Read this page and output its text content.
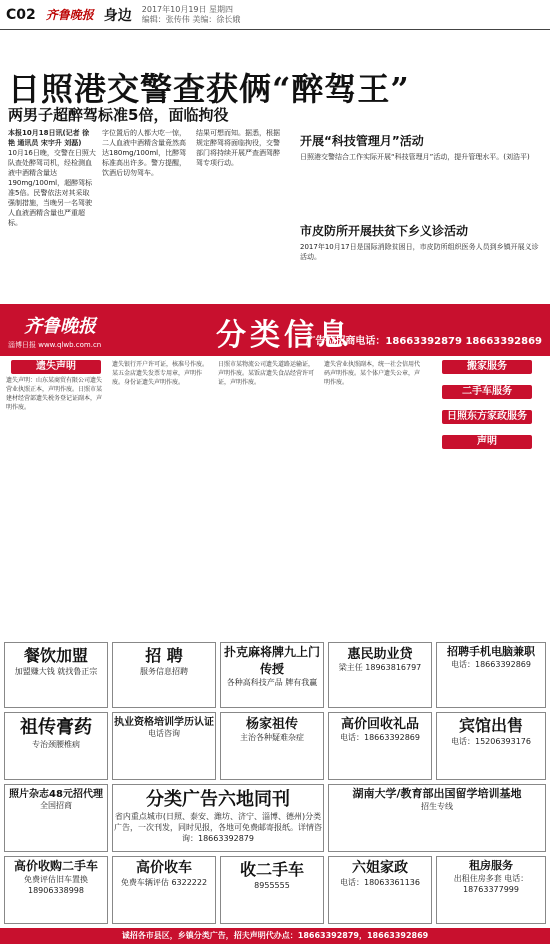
C02 齐鲁晚报 身边 2017年10月19日 星期四
编辑：张传伟 美编：徐长娥
日照港交警查获俩“醉驾王”
两男子超醉驾标准5倍，面临拘役
本报10月18日讯(记者 徐艳 通讯员 宋宇升 刘磊)
10月16日晚，交警在日照大队查处醉驾司机，经检测血液中酒精含量达190mg/100ml，超醉驾标准5倍。民警依法对其采取强制措施，当晚另一名驾驶人血液酒精含量也严重超标。
字位置后的人都大吃一惊，二人血液中酒精含量竟然高达180mg/100ml，比醉驾标准高出许多。警方提醒，饮酒后切勿驾车。
结果可想而知。据悉，根据规定醉驾将面临拘役，交警部门将持续开展严查酒驾醉驾专项行动。
开展“科技管理月”活动
日照港交警结合工作实际开展“科技管理月”活动，提升管理水平。(刘浩平)
市皮防所开展扶贫下乡义诊活动
2017年10月17日是国际消除贫困日，市皮防所组织医务人员到乡镇开展义诊活动。
齐鲁晚报
淄博日报 www.qlwb.com.cn	分类信息
广告位招商电话：18663392879 18663392869
遗失声明
遗失声明：山东某商贸有限公司遗失营业执照正本，声明作废。日照市某建材经营部遗失税务登记证副本，声明作废。
遗失银行开户许可证，核准号作废。某五金店遗失发票专用章，声明作废。身份证遗失声明作废。
日照市某物流公司遗失道路运输证，声明作废。某饭店遗失食品经营许可证，声明作废。
遗失营业执照副本，统一社会信用代码声明作废。某个体户遗失公章，声明作废。
搬家服务

二手车服务

日照东方家政服务

声明
餐饮加盟
加盟赚大钱 就找鲁正宗
招 聘
服务信息招聘
扑克麻将牌九上门传授
各种高科技产品 牌有我赢
惠民助业贷
梁主任 18963816797
招聘手机电脑兼职
电话：18663392869
祖传膏药
专治颈腰椎病
执业资格培训学历认证
电话咨询
杨家祖传
主治各种疑难杂症
高价回收礼品
电话：18663392869
宾馆出售
电话：15206393176
照片杂志48元招代理
全国招商	分类广告六地同刊
省内重点城市(日照、泰安、潍坊、济宁、淄博、德州)分类广告，一次刊发，同时见报，各地可免费邮寄报纸。详情咨询：18663392879
湖南大学/教育部出国留学培训基地
招生专线
高价收购二手车
免费评估旧车置换 18906338998
高价收车
免费车辆评估 6322222
收二手车
8955555
六姐家政
电话：18063361136
租房服务
出租住房多套 电话：18763377999
诚招各市县区，乡镇分类广告，招夫声明代办点：18663392879，18663392869
